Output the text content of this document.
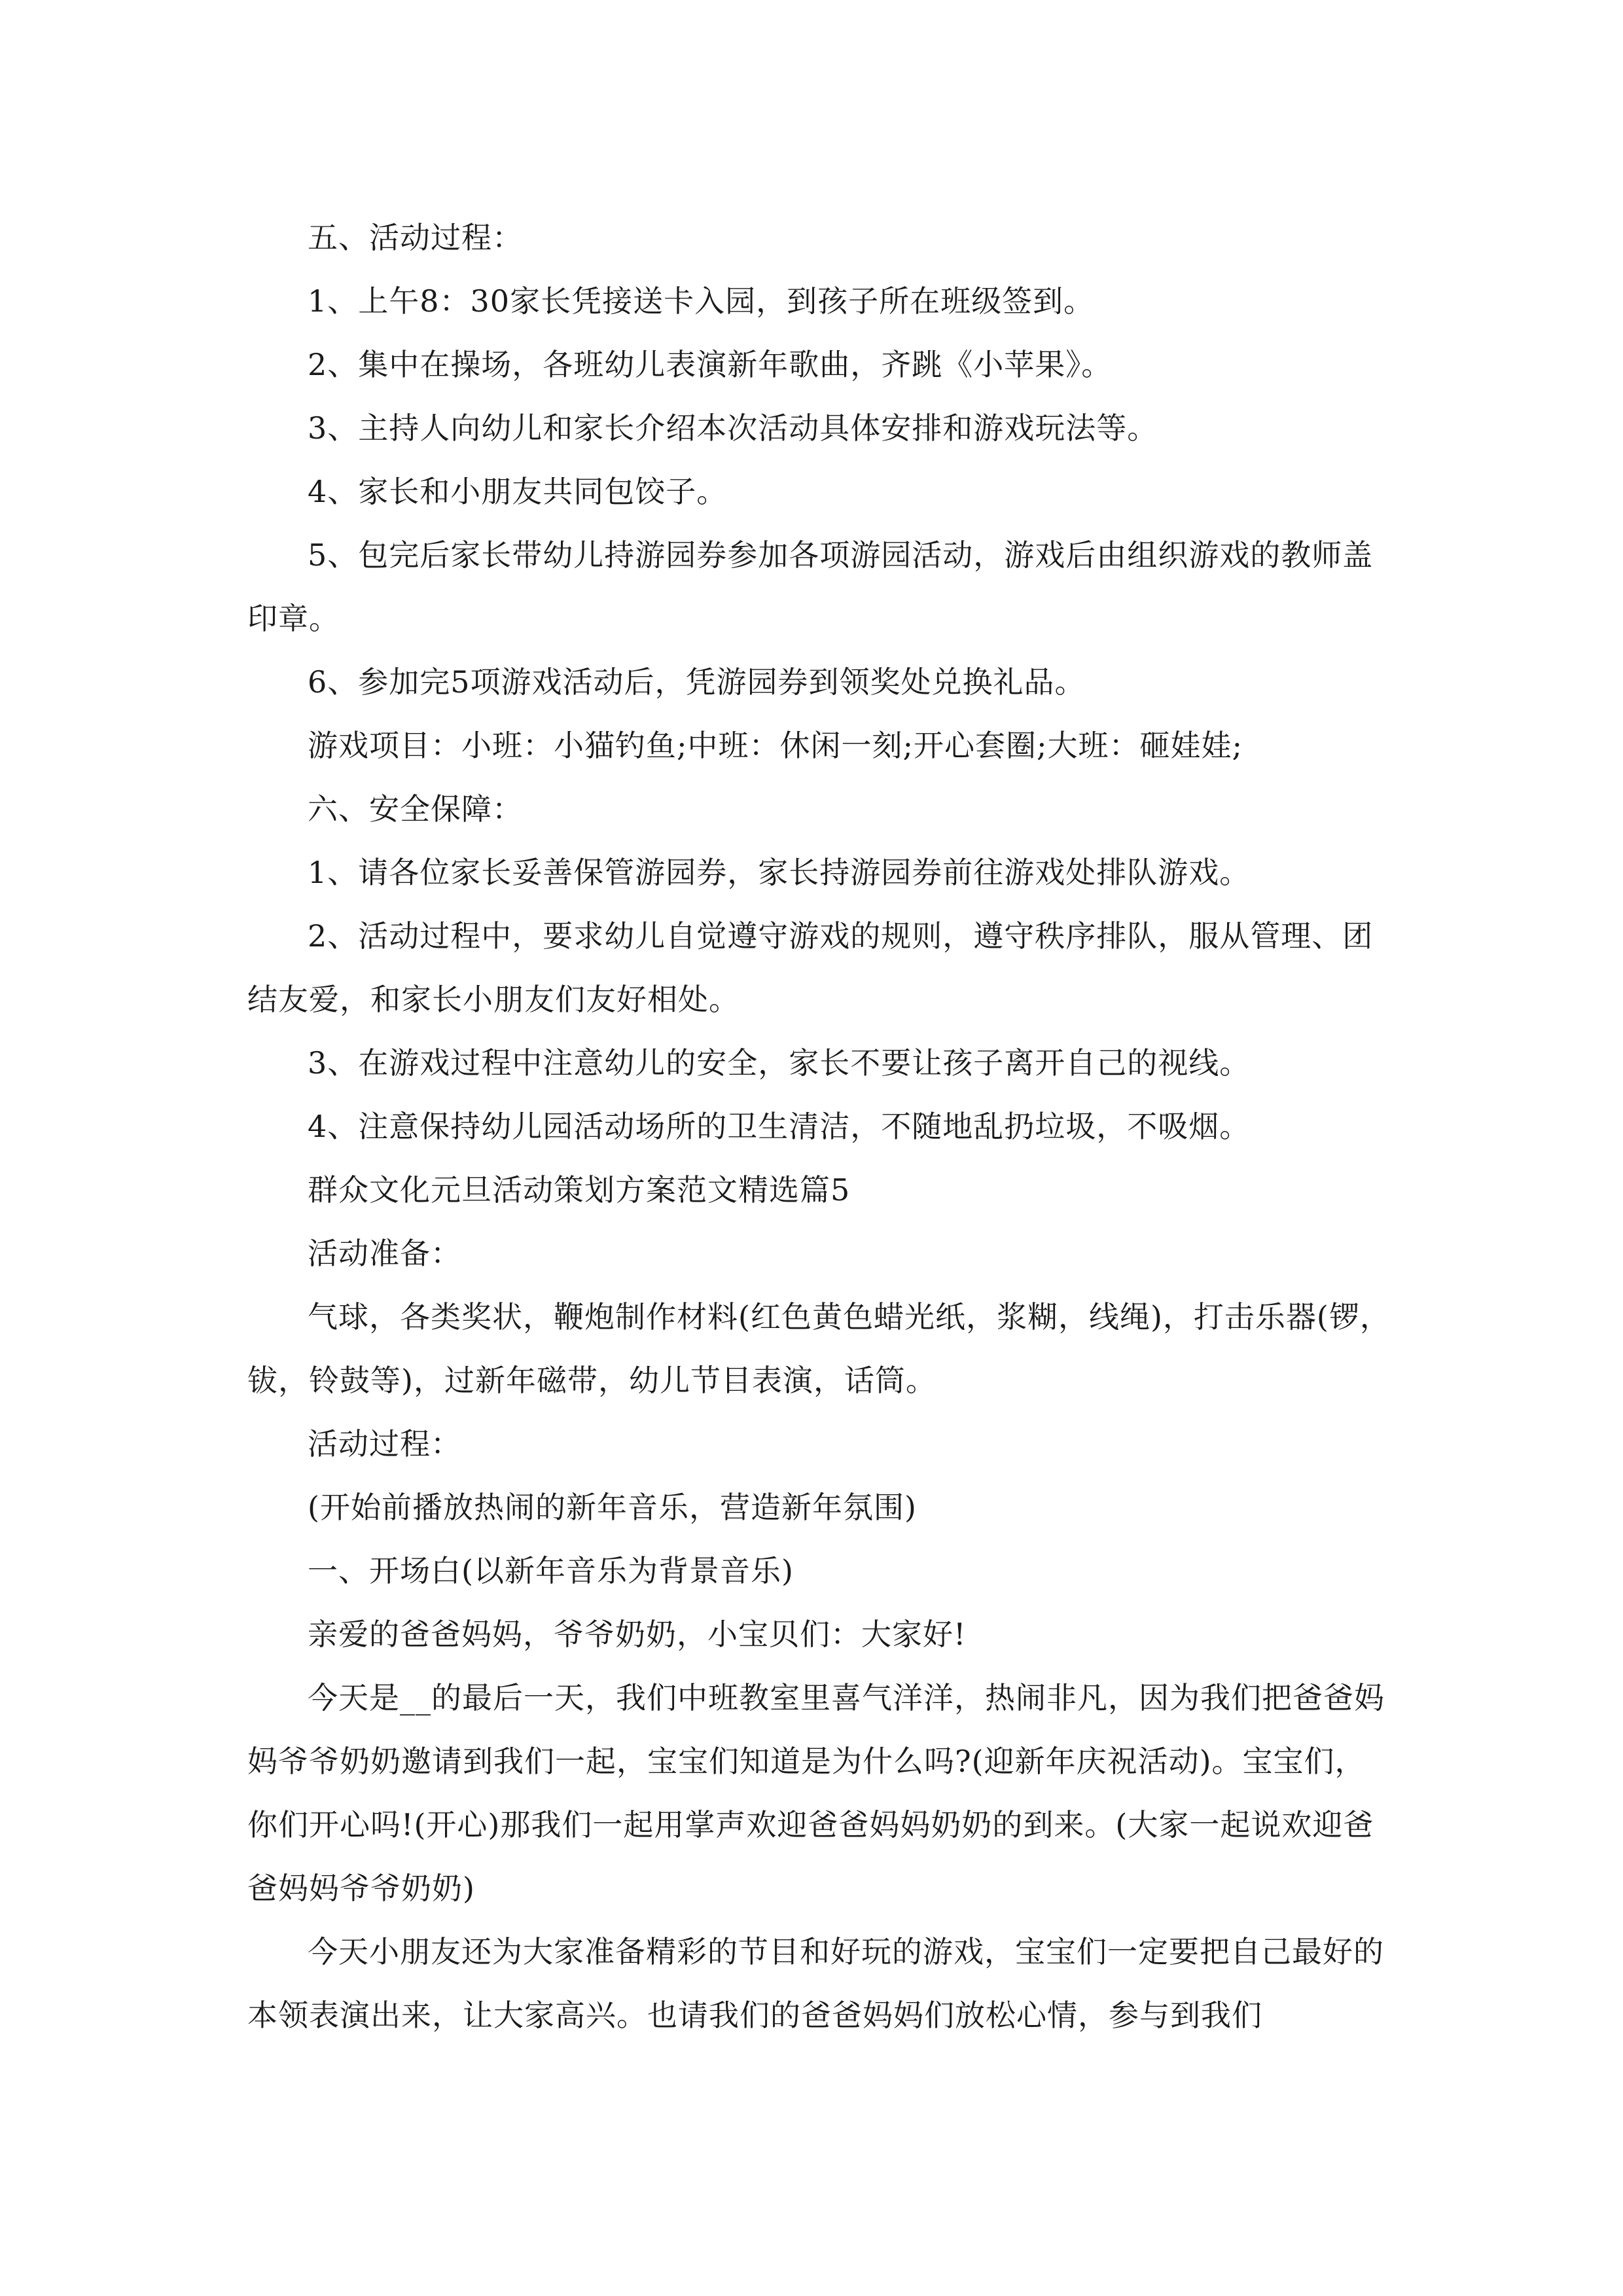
五、活动过程：

1、上午8：30家长凭接送卡入园，到孩子所在班级签到。

2、集中在操场，各班幼儿表演新年歌曲，齐跳《小苹果》。

3、主持人向幼儿和家长介绍本次活动具体安排和游戏玩法等。

4、家长和小朋友共同包饺子。

5、包完后家长带幼儿持游园券参加各项游园活动，游戏后由组织游戏的教师盖印章。

6、参加完5项游戏活动后，凭游园券到领奖处兑换礼品。

游戏项目：小班：小猫钓鱼;中班：休闲一刻;开心套圈;大班：砸娃娃;

六、安全保障：

1、请各位家长妥善保管游园券，家长持游园券前往游戏处排队游戏。

2、活动过程中，要求幼儿自觉遵守游戏的规则，遵守秩序排队，服从管理、团结友爱，和家长小朋友们友好相处。

3、在游戏过程中注意幼儿的安全，家长不要让孩子离开自己的视线。

4、注意保持幼儿园活动场所的卫生清洁，不随地乱扔垃圾，不吸烟。

群众文化元旦活动策划方案范文精选篇5

活动准备：

气球，各类奖状，鞭炮制作材料(红色黄色蜡光纸，浆糊，线绳)，打击乐器(锣，钹，铃鼓等)，过新年磁带，幼儿节目表演，话筒。

活动过程：

(开始前播放热闹的新年音乐，营造新年氛围)

一、开场白(以新年音乐为背景音乐)

亲爱的爸爸妈妈，爷爷奶奶，小宝贝们：大家好!

今天是__的最后一天，我们中班教室里喜气洋洋，热闹非凡，因为我们把爸爸妈妈爷爷奶奶邀请到我们一起，宝宝们知道是为什么吗?(迎新年庆祝活动)。宝宝们，你们开心吗!(开心)那我们一起用掌声欢迎爸爸妈妈奶奶的到来。(大家一起说欢迎爸爸妈妈爷爷奶奶)

今天小朋友还为大家准备精彩的节目和好玩的游戏，宝宝们一定要把自己最好的本领表演出来，让大家高兴。也请我们的爸爸妈妈们放松心情，参与到我们
